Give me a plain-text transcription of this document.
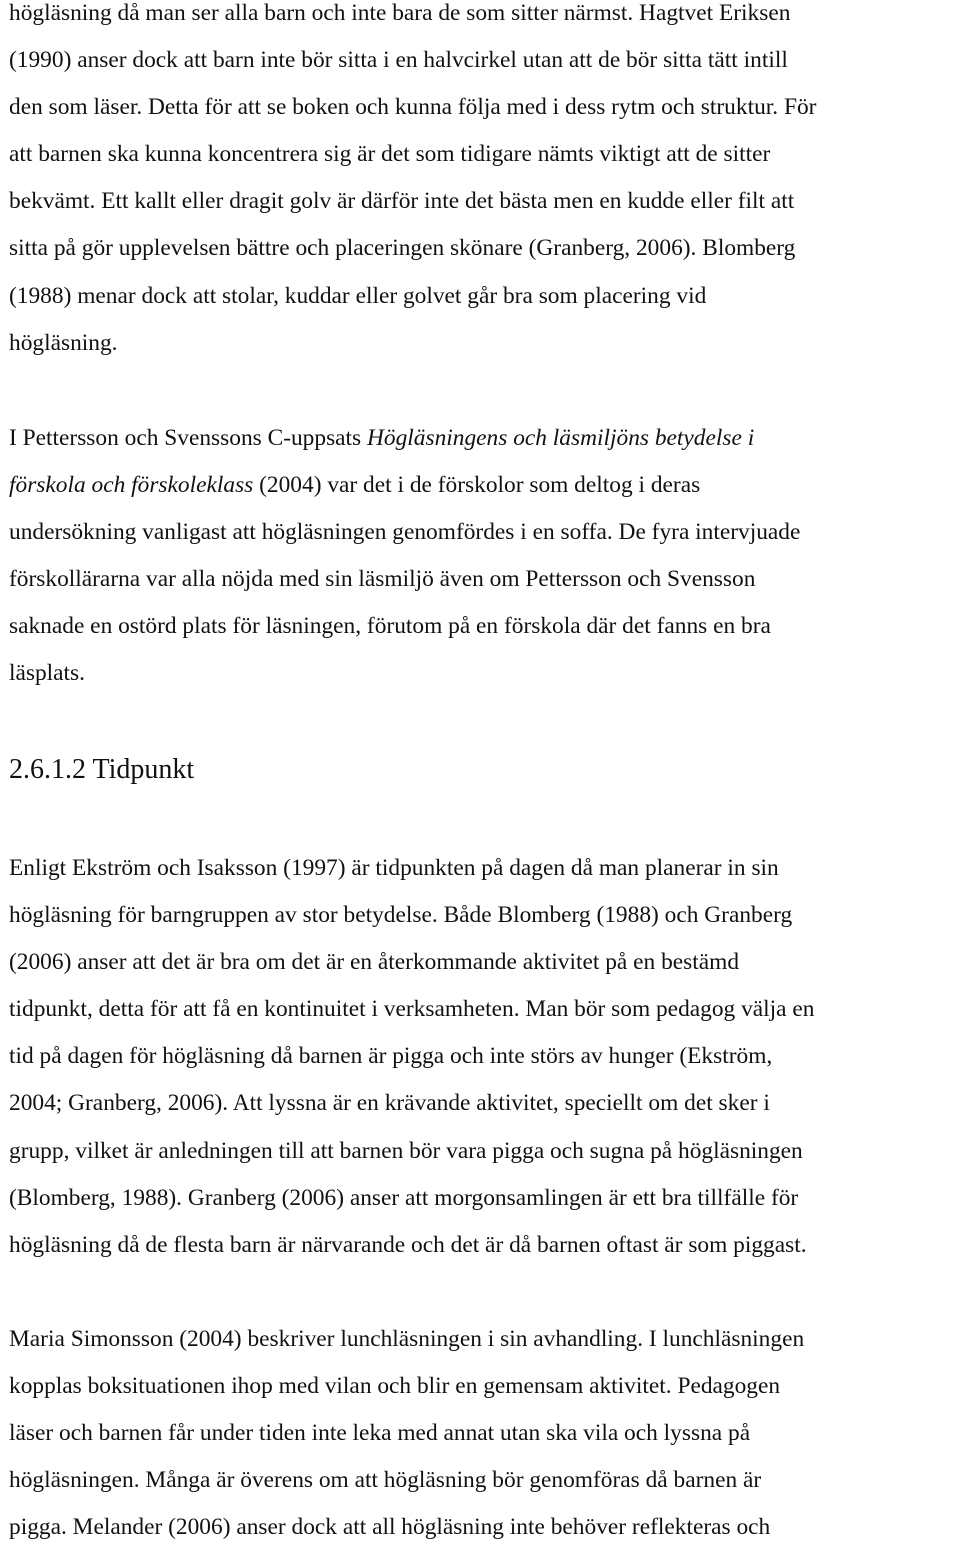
högläsning då man ser alla barn och inte bara de som sitter närmst. Hagtvet Eriksen
(1990) anser dock att barn inte bör sitta i en halvcirkel utan att de bör sitta tätt intill
den som läser. Detta för att se boken och kunna följa med i dess rytm och struktur. För
att barnen ska kunna koncentrera sig är det som tidigare nämts viktigt att de sitter
bekvämt. Ett kallt eller dragit golv är därför inte det bästa men en kudde eller filt att
sitta på gör upplevelsen bättre och placeringen skönare (Granberg, 2006). Blomberg
(1988) menar dock att stolar, kuddar eller golvet går bra som placering vid
högläsning.
I Pettersson och Svenssons C-uppsats Högläsningens och läsmiljöns betydelse i
förskola och förskoleklass (2004) var det i de förskolor som deltog i deras
undersökning vanligast att högläsningen genomfördes i en soffa. De fyra intervjuade
förskollärarna var alla nöjda med sin läsmiljö även om Pettersson och Svensson
saknade en ostörd plats för läsningen, förutom på en förskola där det fanns en bra
läsplats.
2.6.1.2 Tidpunkt
Enligt Ekström och Isaksson (1997) är tidpunkten på dagen då man planerar in sin
högläsning för barngruppen av stor betydelse. Både Blomberg (1988) och Granberg
(2006) anser att det är bra om det är en återkommande aktivitet på en bestämd
tidpunkt, detta för att få en kontinuitet i verksamheten. Man bör som pedagog välja en
tid på dagen för högläsning då barnen är pigga och inte störs av hunger (Ekström,
2004; Granberg, 2006). Att lyssna är en krävande aktivitet, speciellt om det sker i
grupp, vilket är anledningen till att barnen bör vara pigga och sugna på högläsningen
(Blomberg, 1988). Granberg (2006) anser att morgonsamlingen är ett bra tillfälle för
högläsning då de flesta barn är närvarande och det är då barnen oftast är som piggast.
Maria Simonsson (2004) beskriver lunchläsningen i sin avhandling. I lunchläsningen
kopplas boksituationen ihop med vilan och blir en gemensam aktivitet. Pedagogen
läser och barnen får under tiden inte leka med annat utan ska vila och lyssna på
högläsningen. Många är överens om att högläsning bör genomföras då barnen är
pigga. Melander (2006) anser dock att all högläsning inte behöver reflekteras och
